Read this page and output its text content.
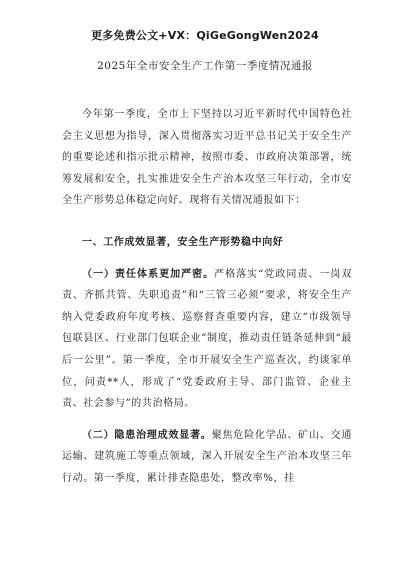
更多免费公文+VX：QiGeGongWen2024
2025年全市安全生产工作第一季度情况通报

今年第一季度，全市上下坚持以习近平新时代中国特色社会主义思想为指导，深入贯彻落实习近平总书记关于安全生产的重要论述和指示批示精神，按照市委、市政府决策部署，统筹发展和安全，扎实推进安全生产治本攻坚三年行动，全市安全生产形势总体稳定向好。现将有关情况通报如下：

一、工作成效显著，安全生产形势稳中向好

（一）责任体系更加严密。严格落实“党政同责、一岗双责、齐抓共管、失职追责”和“三管三必须”要求，将安全生产纳入党委政府年度考核、巡察督查重要内容，建立“市级领导包联县区、行业部门包联企业”制度，推动责任链条延伸到“最后一公里”。第一季度，全市开展安全生产巡查次，约谈家单位，问责**人，形成了“党委政府主导、部门监管、企业主责、社会参与”的共治格局。

（二）隐患治理成效显著。聚焦危险化学品、矿山、交通运输、建筑施工等重点领域，深入开展安全生产治本攻坚三年行动。第一季度，累计排查隐患处，整改率%，挂
